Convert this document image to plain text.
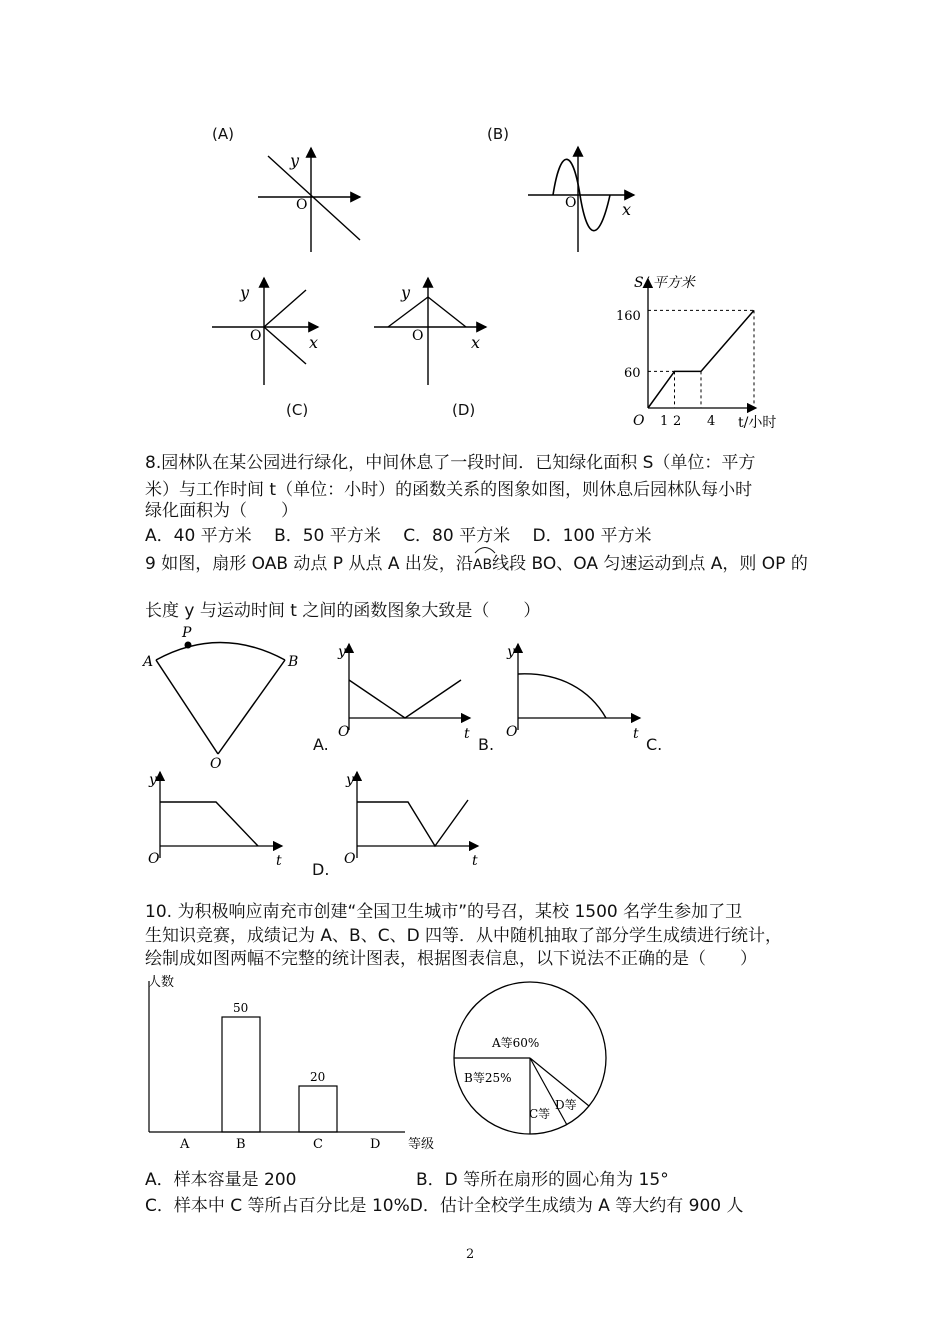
(A)	(B)
(C)	(D)
y
O	O	x
y
O	x
y
O	x
S/ 平方米
O	t/小时
160
60
1 2 4
8.园林队在某公园进行绿化，中间休息了一段时间．已知绿化面积 S（单位：平方
米）与工作时间 t（单位：小时）的函数关系的图象如图，则休息后园林队每小时
绿化面积为（　　）
A．40 平方米　 B．50 平方米　 C．80 平方米　 D．100 平方米
9 如图，扇形 OAB 动点 P 从点 A 出发，沿
AB线段 BO、OA 匀速运动到点 A，则 OP 的
长度 y 与运动时间 t 之间的函数图象大致是（　　）
A
P
B
O
y
O	t
y
O	t
y
O	t
y
O	t
A.	B.	C.
D.
10. 为积极响应南充市创建“全国卫生城市”的号召，某校 1500 名学生参加了卫
生知识竞赛，成绩记为 A、B、C、D 四等．从中随机抽取了部分学生成绩进行统计，
绘制成如图两幅不完整的统计图表，根据图表信息，以下说法不正确的是（　　）
A	B
50
C
20
D
人数
等级
A等60%
B等25%
C等
D等
A．样本容量是 200	B．D 等所在扇形的圆心角为 15°
C．样本中 C 等所占百分比是 10%D．估计全校学生成绩为 A 等大约有 900 人
2
